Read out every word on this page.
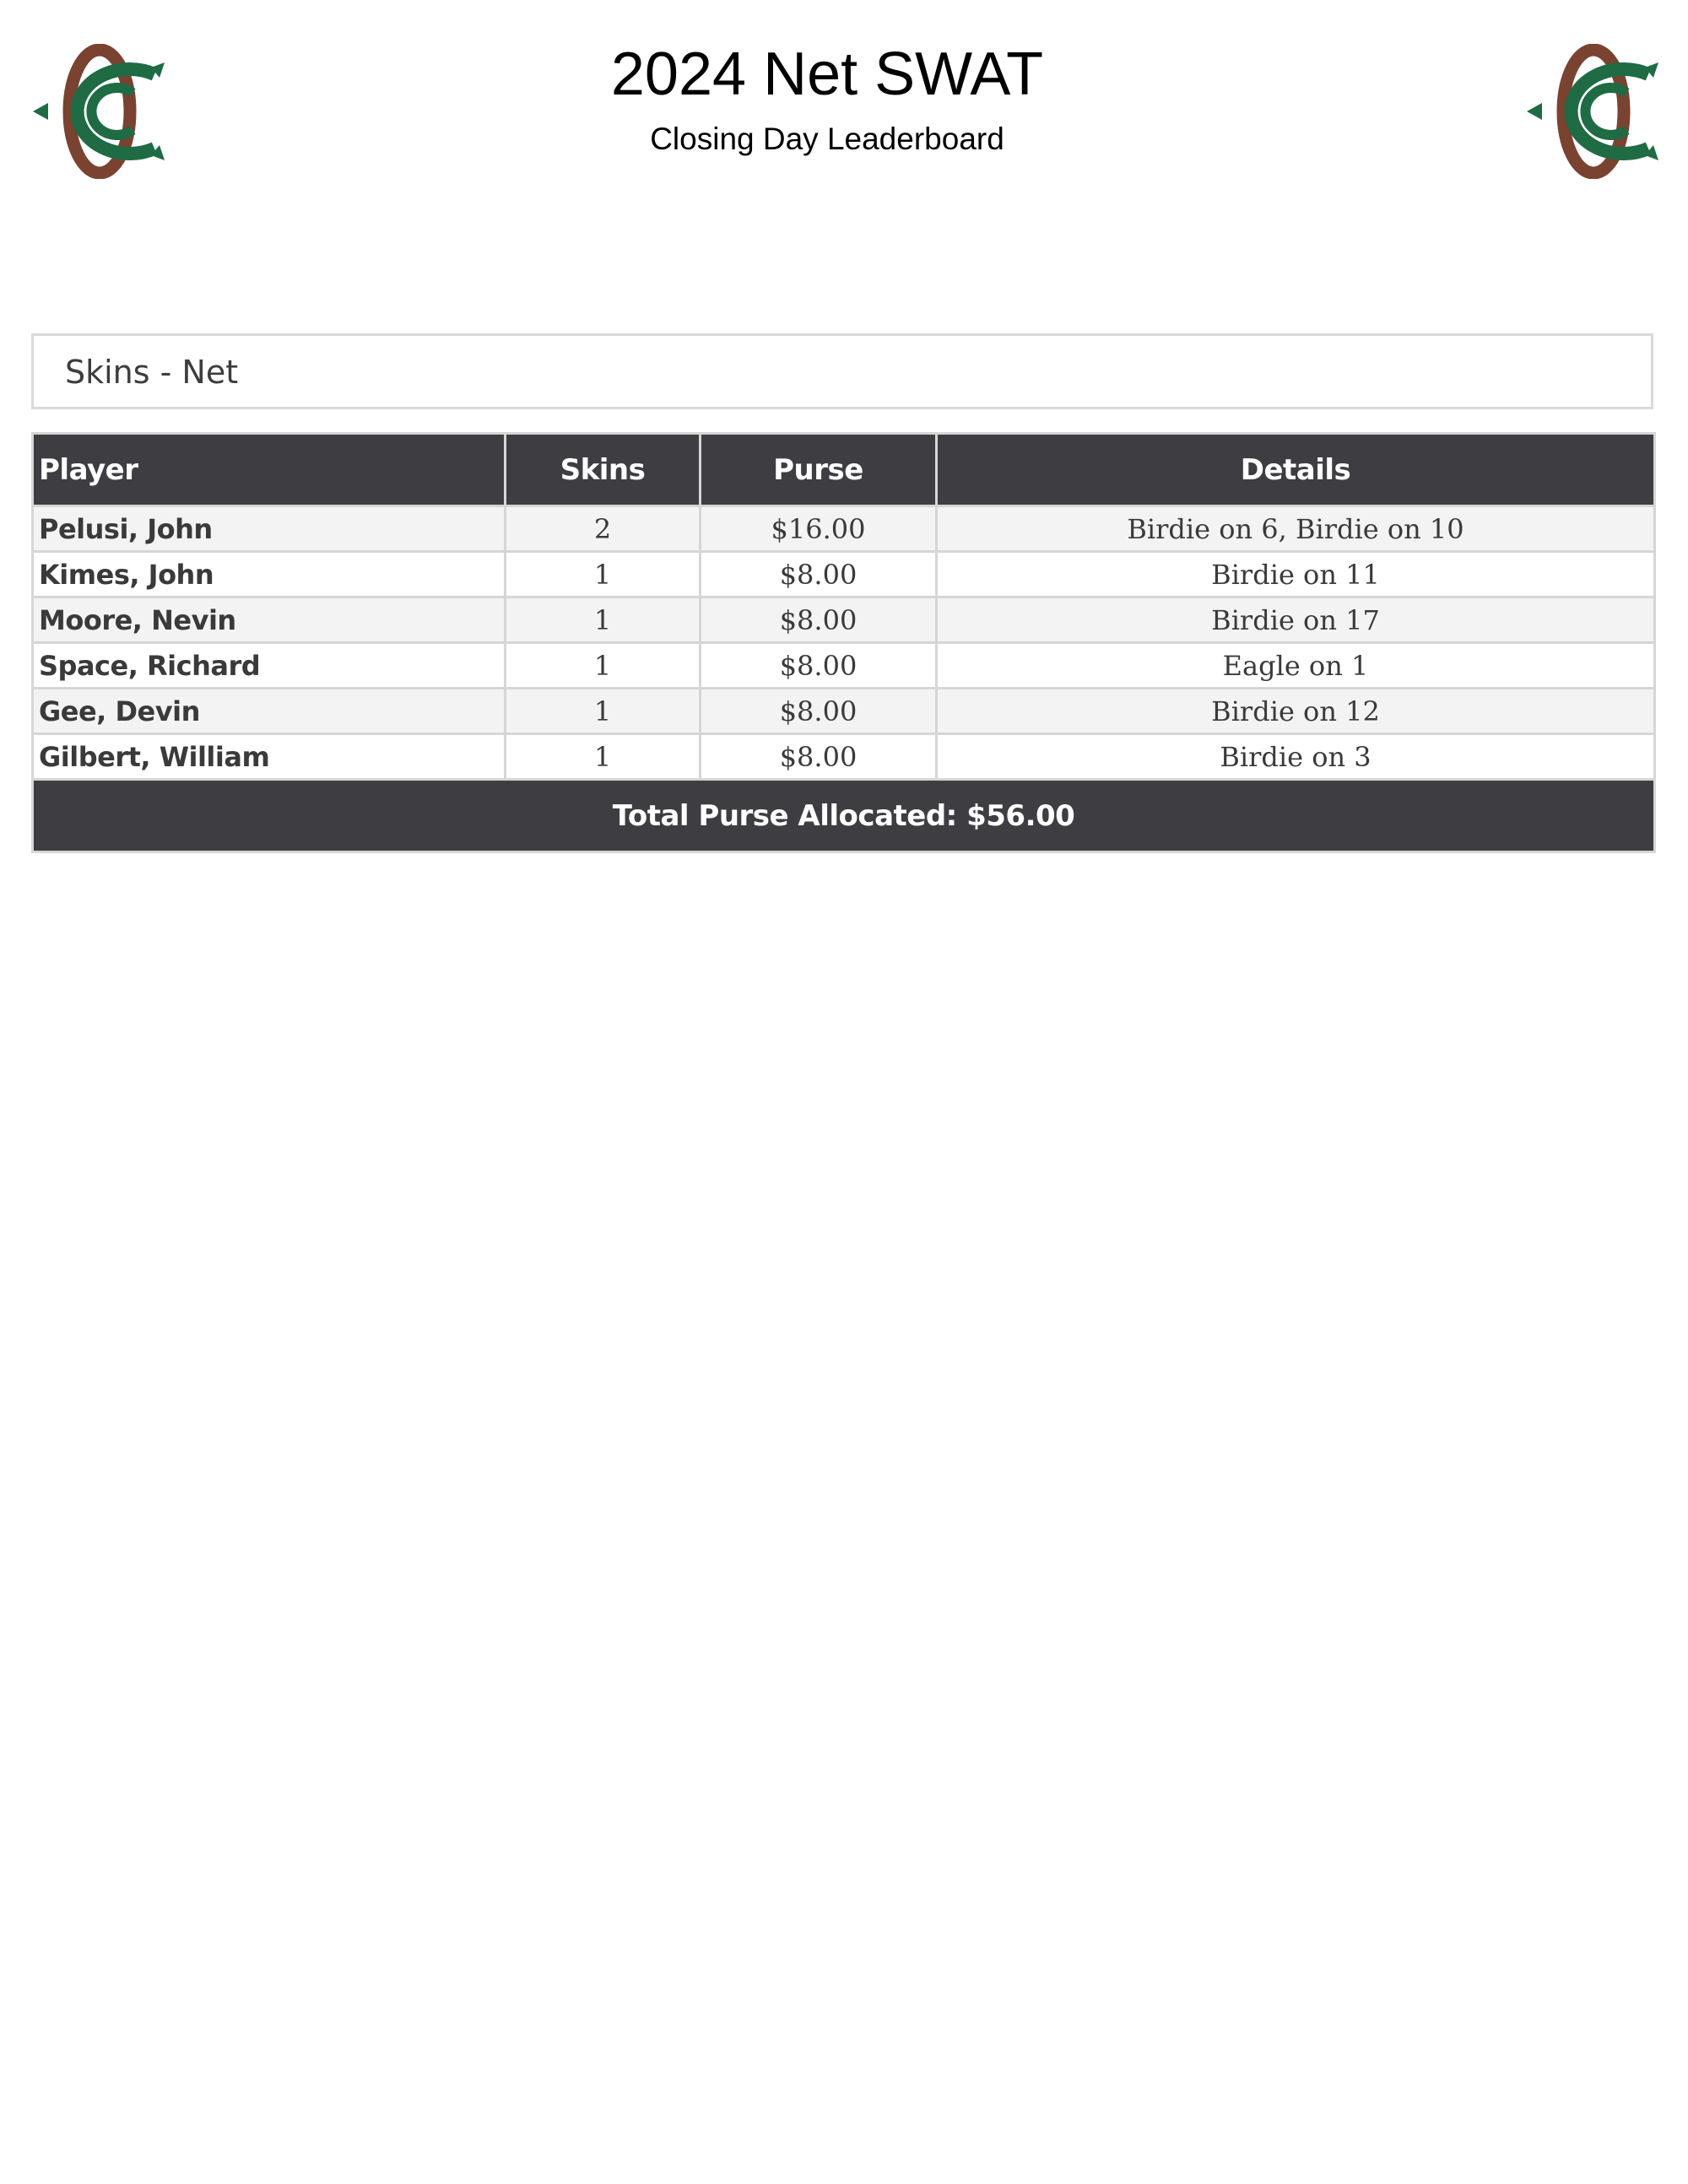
2024 Net SWAT
Closing Day Leaderboard
Skins - Net
Player	Skins	Purse	Details
Pelusi, John	2	$16.00	Birdie on 6, Birdie on 10
Kimes, John	1	$8.00	Birdie on 11
Moore, Nevin	1	$8.00	Birdie on 17
Space, Richard	1	$8.00	Eagle on 1
Gee, Devin	1	$8.00	Birdie on 12
Gilbert, William	1	$8.00	Birdie on 3
Total Purse Allocated: $56.00			
